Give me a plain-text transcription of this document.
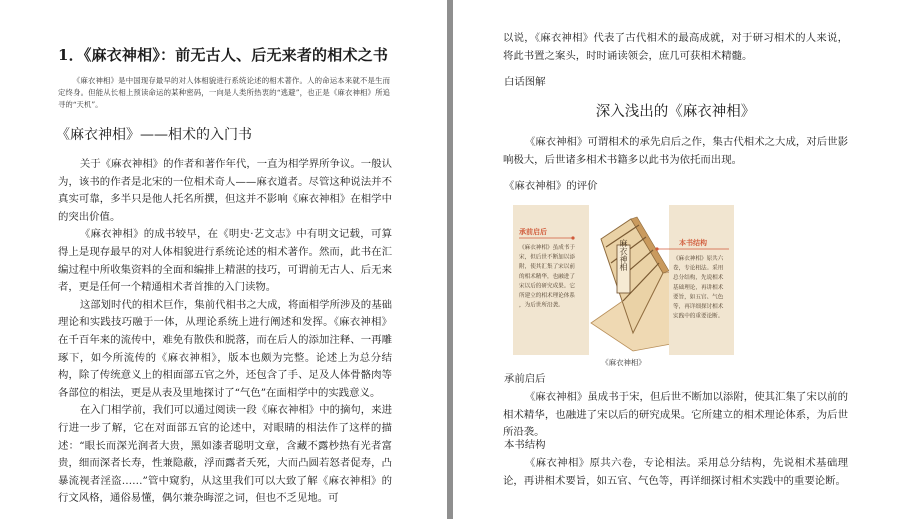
1．《麻衣神相》：前无古人、后无来者的相术之书

《麻衣神相》是中国现存最早的对人体相貌进行系统论述的相术著作。人的命运本来就不是生而定终身。但能从长相上预读命运的某种密码，一向是人类所热衷的“逃避”，也正是《麻衣神相》所追寻的“天机”。

《麻衣神相》——相术的入门书

关于《麻衣神相》的作者和著作年代，一直为相学界所争议。一般认为，该书的作者是北宋的一位相术奇人——麻衣道者。尽管这种说法并不真实可靠，多半只是他人托名所撰，但这并不影响《麻衣神相》在相学中的突出价值。

《麻衣神相》的成书较早，在《明史·艺文志》中有明文记载，可算得上是现存最早的对人体相貌进行系统论述的相术著作。然而，此书在汇编过程中所收集资料的全面和编排上精湛的技巧，可谓前无古人、后无来者，更是任何一个精通相术者首推的入门读物。

这部划时代的相术巨作，集前代相书之大成，将面相学所涉及的基础理论和实践技巧融于一体，从理论系统上进行阐述和发挥。《麻衣神相》在千百年来的流传中，难免有散佚和脱落，而在后人的添加注释、一再雕琢下，如今所流传的《麻衣神相》，版本也颇为完整。论述上为总分结构，除了传统意义上的相面部五官之外，还包含了手、足及人体骨骼肉等各部位的相法，更是从表及里地探讨了“气色”在面相学中的实践意义。

在入门相学前，我们可以通过阅读一段《麻衣神相》中的摘句，来进行进一步了解，它在对面部五官的论述中，对眼睛的相法作了这样的描述：“眼长而深光润者大贵，黑如漆者聪明文章，含藏不露杪热有光者富贵，细而深者长寿，性兼隐蔽，浮而露者夭死，大而凸圆若怒者促寿，凸暴流视者淫盗……”管中窥豹，从这里我们可以大致了解《麻衣神相》的行文风格，通俗易懂，偶尔兼杂晦涩之词，但也不乏见地。可

以说，《麻衣神相》代表了古代相术的最高成就，对于研习相术的人来说，将此书置之案头，时时诵读领会，庶几可获相术精髓。

白话图解
深入浅出的《麻衣神相》

《麻衣神相》可谓相术的承先启后之作，集古代相术之大成，对后世影响极大，后世诸多相术书籍多以此书为依托而出现。

《麻衣神相》的评价
承前启后
麻衣神相	本书结构
《麻衣神相》虽成书于
宋，但后世不断加以添
附，使其汇集了宋以前
的相术精华，也融进了
宋以后的研究成果。它
所建立的相术理论体系
，为后世所沿袭。
《麻衣神相》原共六
卷，专论相法。采用
总分结构，先说相术
基础理论，再讲相术
要旨，如五官、气色
等，再详细探讨相术
实践中的重要论断。
《麻衣神相》
承前启后

《麻衣神相》虽成书于宋，但后世不断加以添附，使其汇集了宋以前的相术精华，也融进了宋以后的研究成果。它所建立的相术理论体系，为后世所沿袭。

本书结构

《麻衣神相》原共六卷，专论相法。采用总分结构，先说相术基础理论，再讲相术要旨，如五官、气色等，再详细探讨相术实践中的重要论断。
